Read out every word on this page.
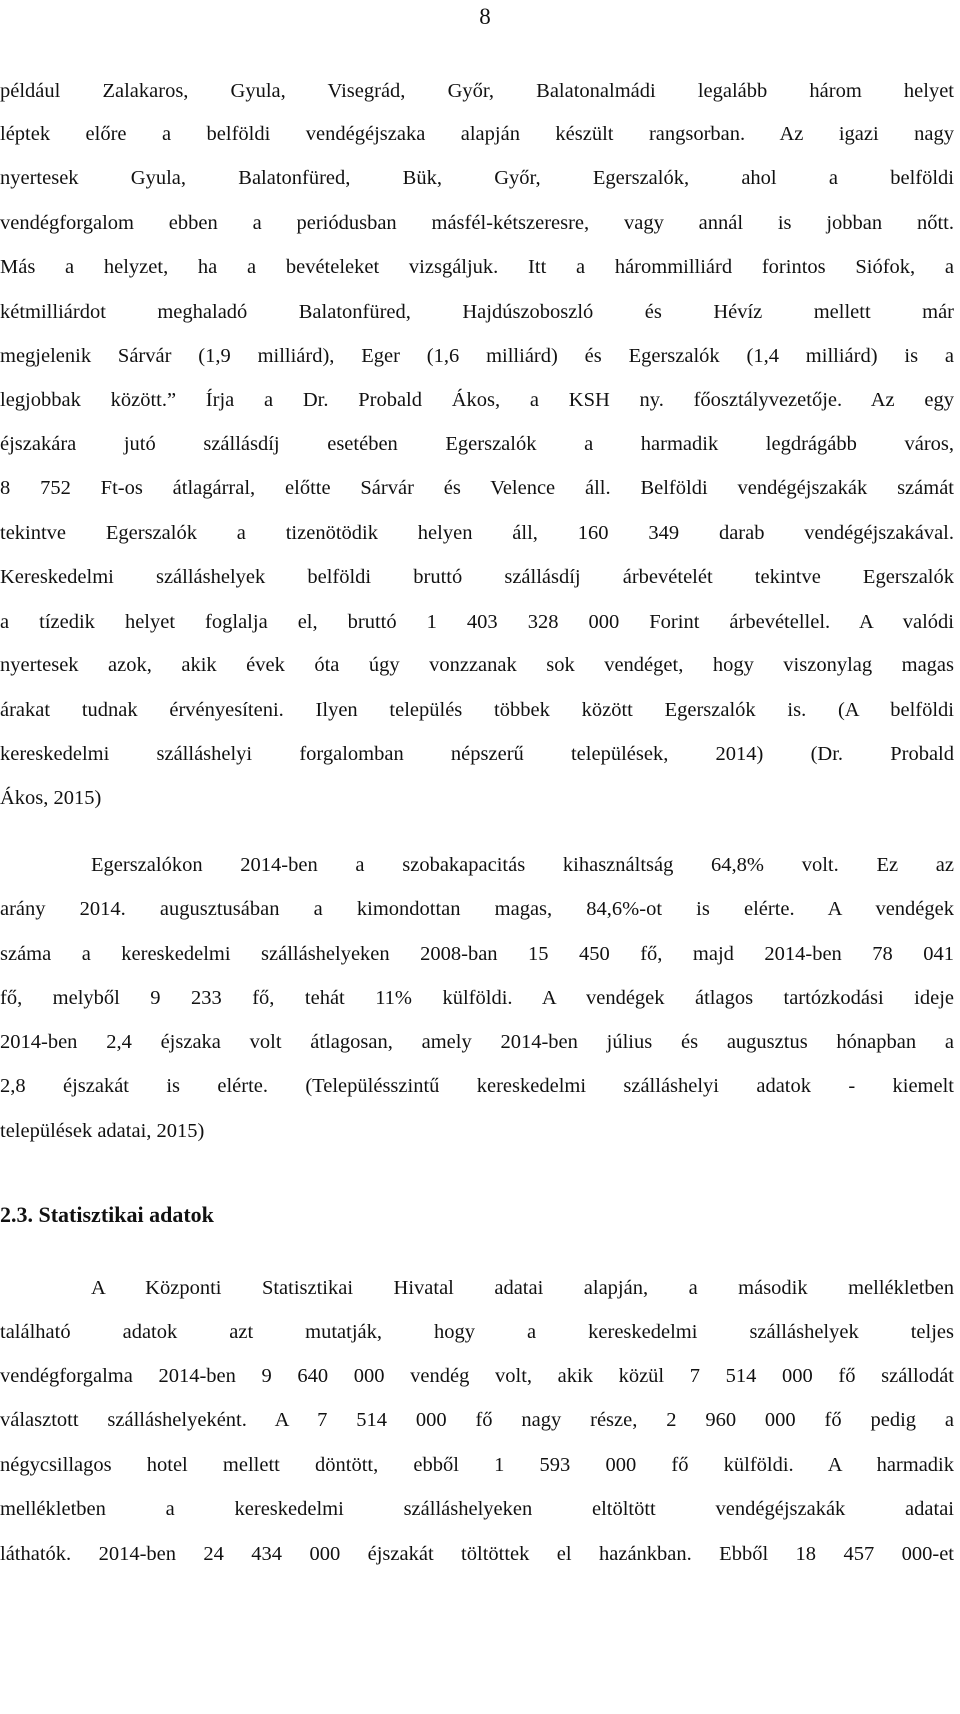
8
például Zalakaros, Gyula, Visegrád, Győr, Balatonalmádi legalább három helyet
léptek előre a belföldi vendégéjszaka alapján készült rangsorban. Az igazi nagy
nyertesek Gyula, Balatonfüred, Bük, Győr, Egerszalók, ahol a belföldi
vendégforgalom ebben a periódusban másfél-kétszeresre, vagy annál is jobban nőtt.
Más a helyzet, ha a bevételeket vizsgáljuk. Itt a hárommilliárd forintos Siófok, a
kétmilliárdot meghaladó Balatonfüred, Hajdúszoboszló és Hévíz mellett már
megjelenik Sárvár (1,9 milliárd), Eger (1,6 milliárd) és Egerszalók (1,4 milliárd) is a
legjobbak között.” Írja a Dr. Probald Ákos, a KSH ny. főosztályvezetője. Az egy
éjszakára jutó szállásdíj esetében Egerszalók a harmadik legdrágább város,
8 752 Ft-os átlagárral, előtte Sárvár és Velence áll. Belföldi vendégéjszakák számát
tekintve Egerszalók a tizenötödik helyen áll, 160 349 darab vendégéjszakával.
Kereskedelmi szálláshelyek belföldi bruttó szállásdíj árbevételét tekintve Egerszalók
a tízedik helyet foglalja el, bruttó 1 403 328 000 Forint árbevétellel. A valódi
nyertesek azok, akik évek óta úgy vonzzanak sok vendéget, hogy viszonylag magas
árakat tudnak érvényesíteni. Ilyen település többek között Egerszalók is. (A belföldi
kereskedelmi szálláshelyi forgalomban népszerű települések, 2014) (Dr. Probald
Ákos, 2015)
Egerszalókon 2014-ben a szobakapacitás kihasználtság 64,8% volt. Ez az
arány 2014. augusztusában a kimondottan magas, 84,6%-ot is elérte. A vendégek
száma a kereskedelmi szálláshelyeken 2008-ban 15 450 fő, majd 2014-ben 78 041
fő, melyből 9 233 fő, tehát 11% külföldi. A vendégek átlagos tartózkodási ideje
2014-ben 2,4 éjszaka volt átlagosan, amely 2014-ben július és augusztus hónapban a
2,8 éjszakát is elérte. (Településszintű kereskedelmi szálláshelyi adatok - kiemelt
települések adatai, 2015)
2.3. Statisztikai adatok
A Központi Statisztikai Hivatal adatai alapján, a második mellékletben
található adatok azt mutatják, hogy a kereskedelmi szálláshelyek teljes
vendégforgalma 2014-ben 9 640 000 vendég volt, akik közül 7 514 000 fő szállodát
választott szálláshelyeként. A 7 514 000 fő nagy része, 2 960 000 fő pedig a
négycsillagos hotel mellett döntött, ebből 1 593 000 fő külföldi. A harmadik
mellékletben a kereskedelmi szálláshelyeken eltöltött vendégéjszakák adatai
láthatók. 2014-ben 24 434 000 éjszakát töltöttek el hazánkban. Ebből 18 457 000-et
